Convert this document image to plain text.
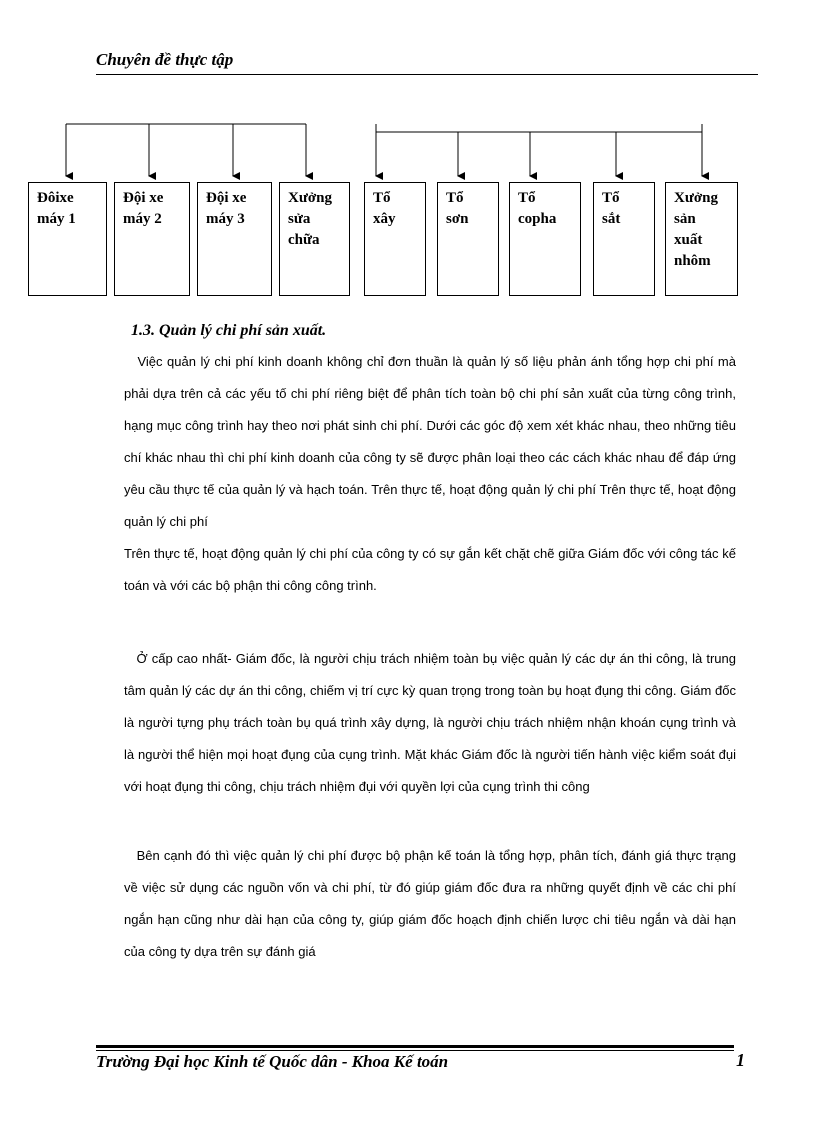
Chuyên đề thực tập
Đôixe
máy 1
Đội xe
máy 2
Đội xe
máy 3
Xưởng
sửa
chữa
Tổ
xây
Tổ
sơn
Tổ
copha
Tổ
sắt
Xưởng
sản
xuất
nhôm
1.3. Quản lý chi phí sản xuất.

Việc quản lý chi phí kinh doanh không chỉ đơn thuần là quản lý số liệu phản ánh tổng hợp chi phí mà phải dựa trên cả các yếu tố chi phí riêng biệt để phân tích toàn bộ chi phí sản xuất của từng công trình, hạng mục công trình hay theo nơi phát sinh chi phí. Dưới các góc độ xem xét khác nhau, theo những tiêu chí khác nhau thì chi phí kinh doanh của công ty sẽ được phân loại theo các cách khác nhau để đáp ứng yêu cầu thực tế của quản lý và hạch toán. Trên thực tế, hoạt động quản lý chi phí Trên thực tế, hoạt động quản lý chi phí

Trên thực tế, hoạt động quản lý chi phí của công ty có sự gắn kết chặt chẽ giữa Giám đốc với công tác kế toán và với các bộ phận thi công công trình.

Ở cấp cao nhất- Giám đốc, là người chịu trách nhiệm toàn bụ việc quản lý các dự án thi công, là trung tâm quản lý các dự án thi công, chiếm vị trí cực kỳ quan trọng trong toàn bụ hoạt đụng thi công. Giám đốc là người tựng phụ trách toàn bụ quá trình xây dựng, là người chịu trách nhiệm nhận khoán cụng trình và là người thể hiện mọi hoạt đụng của cụng trình. Mặt khác Giám đốc là người tiến hành việc kiểm soát đụi với hoạt đụng thi công, chịu trách nhiệm đụi với quyền lợi của cụng trình thi công

Bên cạnh đó thì việc quản lý chi phí được bộ phận kế toán là tổng hợp, phân tích, đánh giá thực trạng về việc sử dụng các nguồn vốn và chi phí, từ đó giúp giám đốc đưa ra những quyết định về các chi phí ngắn hạn cũng như dài hạn của công ty, giúp giám đốc hoạch định chiến lược chi tiêu ngắn và dài hạn của công ty dựa trên sự đánh giá

Trường Đại học Kinh tế Quốc dân - Khoa Kế toán	1
